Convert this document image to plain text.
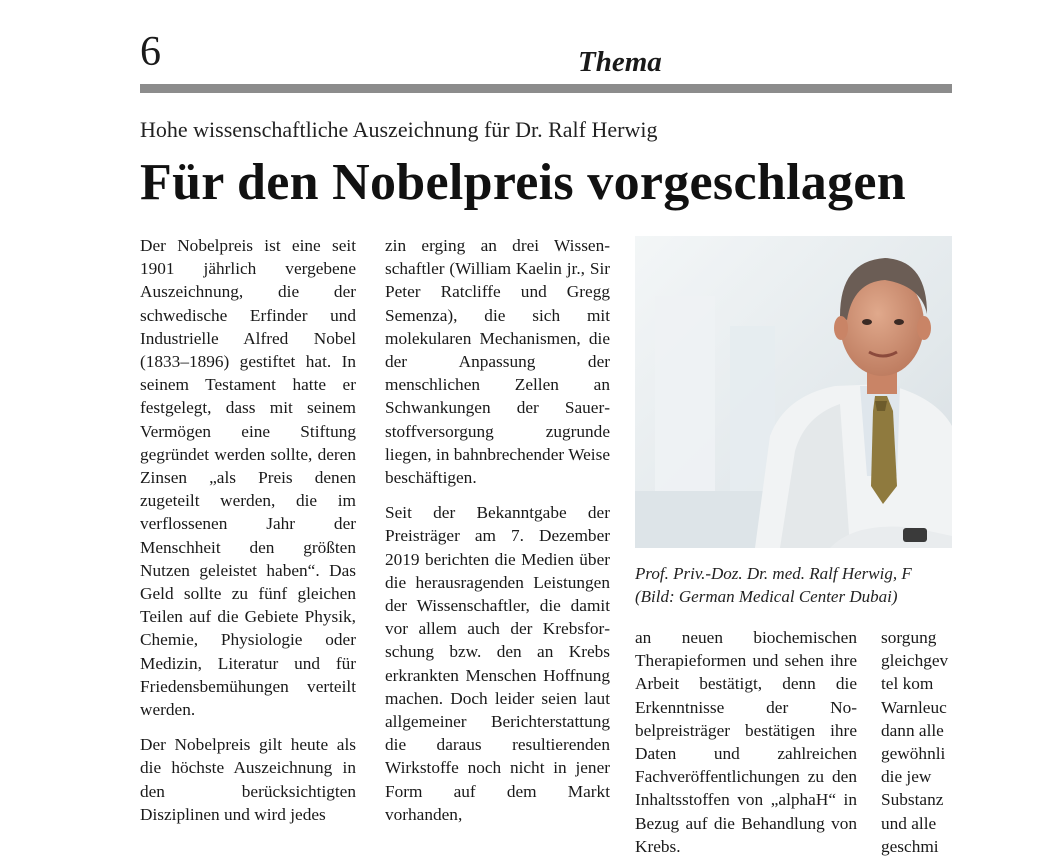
6	Thema
Hohe wissenschaftliche Auszeichnung für Dr. Ralf Herwig
Für den Nobelpreis vorgeschlagen

Der Nobelpreis ist eine seit 1901 jährlich vergebene Auszeichnung, die der schwedische Erfinder und Industrielle Alfred Nobel (1833–1896) gestiftet hat. In seinem Testament hatte er festgelegt, dass mit seinem Vermögen eine Stiftung gegründet werden sollte, deren Zinsen „als Preis denen zugeteilt werden, die im verflossenen Jahr der Menschheit den größten Nutzen geleistet haben“. Das Geld sollte zu fünf gleichen Teilen auf die Gebiete Physik, Chemie, Physiologie oder Medizin, Literatur und für Friedensbemühungen verteilt werden.

Der Nobelpreis gilt heute als die höchste Auszeichnung in den berücksichtigten Disziplinen und wird jedes

zin erging an drei Wissenschaftler (William Kaelin jr., Sir Peter Ratcliffe und Gregg Semenza), die sich mit molekularen Mechanismen, die der Anpassung der menschlichen Zellen an Schwankungen der Sauerstoffversorgung zugrunde liegen, in bahnbrechender Weise beschäftigen.

Seit der Bekanntgabe der Preisträger am 7. Dezember 2019 berichten die Medien über die herausragenden Leistungen der Wissenschaftler, die damit vor allem auch der Krebsforschung bzw. den an Krebs erkrankten Menschen Hoffnung machen. Doch leider seien laut allgemeiner Berichterstattung die daraus resultierenden Wirkstoffe noch nicht in jener Form auf dem Markt vorhanden,

Prof. Priv.-Doz. Dr. med. Ralf Herwig, F
(Bild: German Medical Center Dubai)

an neuen biochemischen Therapieformen und sehen ihre Arbeit bestätigt, denn die Erkenntnisse der Nobelpreisträger bestätigen ihre Daten und zahlreichen Fachveröffentlichungen zu den Inhaltsstoffen von „alphaH“ in Bezug auf die Behandlung von Krebs.

sorgung
gleichgev
tel kom
Warnleuc
dann alle
gewöhnli
die jew
Substanz
und alle
geschmi
